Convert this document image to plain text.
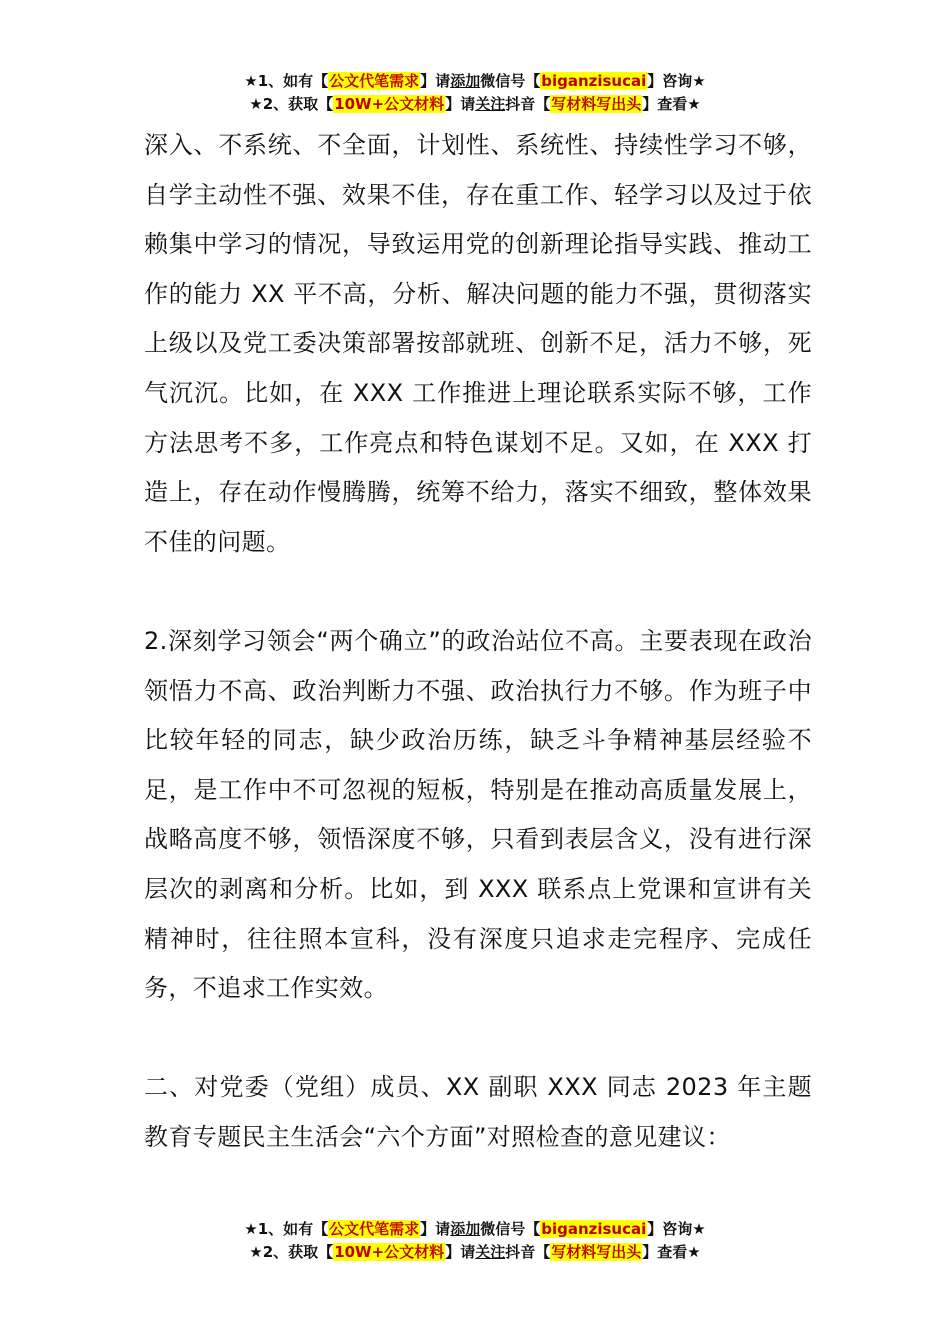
★1、如有【公文代笔需求】请添加微信号【biganzisucai】咨询★
★2、获取【10W+公文材料】请关注抖音【写材料写出头】查看★

深入、不系统、不全面，计划性、系统性、持续性学习不够，自学主动性不强、效果不佳，存在重工作、轻学习以及过于依赖集中学习的情况，导致运用党的创新理论指导实践、推动工作的能力 XX 平不高，分析、解决问题的能力不强，贯彻落实上级以及党工委决策部署按部就班、创新不足，活力不够，死气沉沉。比如，在 XXX 工作推进上理论联系实际不够，工作方法思考不多，工作亮点和特色谋划不足。又如，在 XXX 打造上，存在动作慢腾腾，统筹不给力，落实不细致，整体效果不佳的问题。

2.深刻学习领会“两个确立”的政治站位不高。主要表现在政治领悟力不高、政治判断力不强、政治执行力不够。作为班子中比较年轻的同志，缺少政治历练，缺乏斗争精神基层经验不足，是工作中不可忽视的短板，特别是在推动高质量发展上，战略高度不够，领悟深度不够，只看到表层含义，没有进行深层次的剥离和分析。比如，到 XXX 联系点上党课和宣讲有关精神时，往往照本宣科，没有深度只追求走完程序、完成任务，不追求工作实效。

二、对党委（党组）成员、XX 副职 XXX 同志 2023 年主题教育专题民主生活会“六个方面”对照检查的意见建议：

★1、如有【公文代笔需求】请添加微信号【biganzisucai】咨询★
★2、获取【10W+公文材料】请关注抖音【写材料写出头】查看★
